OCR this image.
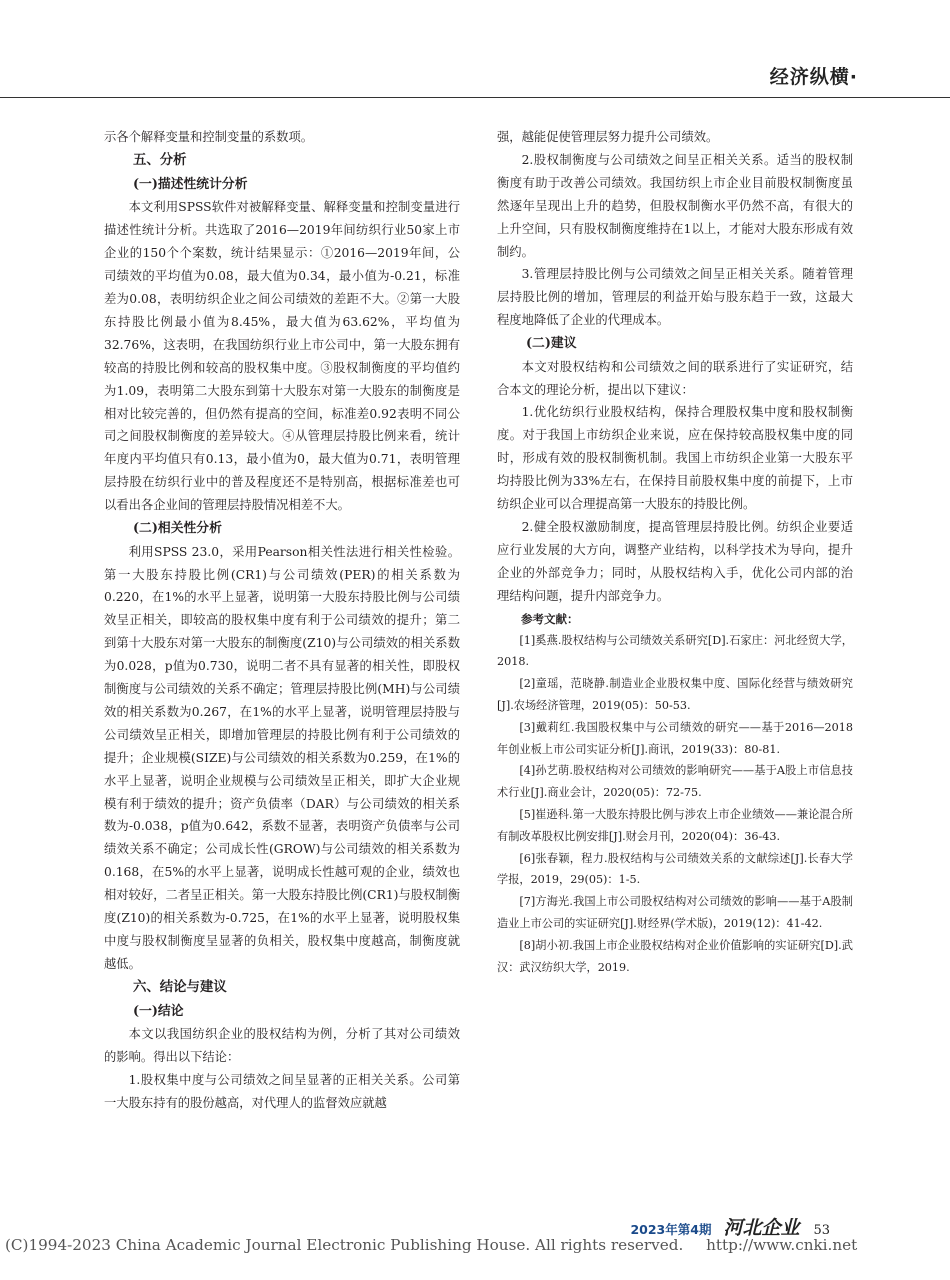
经济纵横·

示各个解释变量和控制变量的系数项。

五、分析
(一)描述性统计分析

本文利用SPSS软件对被解释变量、解释变量和控制变量进行描述性统计分析。共选取了2016—2019年间纺织行业50家上市企业的150个个案数，统计结果显示：①2016—2019年间，公司绩效的平均值为0.08，最大值为0.34，最小值为-0.21，标准差为0.08，表明纺织企业之间公司绩效的差距不大。②第一大股东持股比例最小值为8.45%，最大值为63.62%，平均值为32.76%，这表明，在我国纺织行业上市公司中，第一大股东拥有较高的持股比例和较高的股权集中度。③股权制衡度的平均值约为1.09，表明第二大股东到第十大股东对第一大股东的制衡度是相对比较完善的，但仍然有提高的空间，标准差0.92表明不同公司之间股权制衡度的差异较大。④从管理层持股比例来看，统计年度内平均值只有0.13，最小值为0，最大值为0.71，表明管理层持股在纺织行业中的普及程度还不是特别高，根据标准差也可以看出各企业间的管理层持股情况相差不大。

(二)相关性分析

利用SPSS 23.0，采用Pearson相关性法进行相关性检验。第一大股东持股比例(CR1)与公司绩效(PER)的相关系数为0.220，在1%的水平上显著，说明第一大股东持股比例与公司绩效呈正相关，即较高的股权集中度有利于公司绩效的提升；第二到第十大股东对第一大股东的制衡度(Z10)与公司绩效的相关系数为0.028，p值为0.730，说明二者不具有显著的相关性，即股权制衡度与公司绩效的关系不确定；管理层持股比例(MH)与公司绩效的相关系数为0.267，在1%的水平上显著，说明管理层持股与公司绩效呈正相关，即增加管理层的持股比例有利于公司绩效的提升；企业规模(SIZE)与公司绩效的相关系数为0.259，在1%的水平上显著，说明企业规模与公司绩效呈正相关，即扩大企业规模有利于绩效的提升；资产负债率（DAR）与公司绩效的相关系数为-0.038，p值为0.642，系数不显著，表明资产负债率与公司绩效关系不确定；公司成长性(GROW)与公司绩效的相关系数为0.168，在5%的水平上显著，说明成长性越可观的企业，绩效也相对较好，二者呈正相关。第一大股东持股比例(CR1)与股权制衡度(Z10)的相关系数为-0.725，在1%的水平上显著，说明股权集中度与股权制衡度呈显著的负相关，股权集中度越高，制衡度就越低。

六、结论与建议
(一)结论

本文以我国纺织企业的股权结构为例，分析了其对公司绩效的影响。得出以下结论：

1.股权集中度与公司绩效之间呈显著的正相关关系。公司第一大股东持有的股份越高，对代理人的监督效应就越

强，越能促使管理层努力提升公司绩效。

2.股权制衡度与公司绩效之间呈正相关关系。适当的股权制衡度有助于改善公司绩效。我国纺织上市企业目前股权制衡度虽然逐年呈现出上升的趋势，但股权制衡水平仍然不高，有很大的上升空间，只有股权制衡度维持在1以上，才能对大股东形成有效制约。

3.管理层持股比例与公司绩效之间呈正相关关系。随着管理层持股比例的增加，管理层的利益开始与股东趋于一致，这最大程度地降低了企业的代理成本。

(二)建议

本文对股权结构和公司绩效之间的联系进行了实证研究，结合本文的理论分析，提出以下建议：

1.优化纺织行业股权结构，保持合理股权集中度和股权制衡度。对于我国上市纺织企业来说，应在保持较高股权集中度的同时，形成有效的股权制衡机制。我国上市纺织企业第一大股东平均持股比例为33%左右，在保持目前股权集中度的前提下，上市纺织企业可以合理提高第一大股东的持股比例。

2.健全股权激励制度，提高管理层持股比例。纺织企业要适应行业发展的大方向，调整产业结构，以科学技术为导向，提升企业的外部竞争力；同时，从股权结构入手，优化公司内部的治理结构问题，提升内部竞争力。

参考文献：

[1]奚燕.股权结构与公司绩效关系研究[D].石家庄：河北经贸大学，2018.

[2]童瑶，范晓静.制造业企业股权集中度、国际化经营与绩效研究[J].农场经济管理，2019(05)：50-53.

[3]戴莉红.我国股权集中与公司绩效的研究——基于2016—2018年创业板上市公司实证分析[J].商讯，2019(33)：80-81.

[4]孙艺萌.股权结构对公司绩效的影响研究——基于A股上市信息技术行业[J].商业会计，2020(05)：72-75.

[5]崔逊科.第一大股东持股比例与涉农上市企业绩效——兼论混合所有制改革股权比例安排[J].财会月刊，2020(04)：36-43.

[6]张春颖，程力.股权结构与公司绩效关系的文献综述[J].长春大学学报，2019，29(05)：1-5.

[7]方海光.我国上市公司股权结构对公司绩效的影响——基于A股制造业上市公司的实证研究[J].财经界(学术版)，2019(12)：41-42.

[8]胡小初.我国上市企业股权结构对企业价值影响的实证研究[D].武汉：武汉纺织大学，2019.

2023年第4期 河北企业 53
(C)1994-2023 China Academic Journal Electronic Publishing House. All rights reserved. http://www.cnki.net
